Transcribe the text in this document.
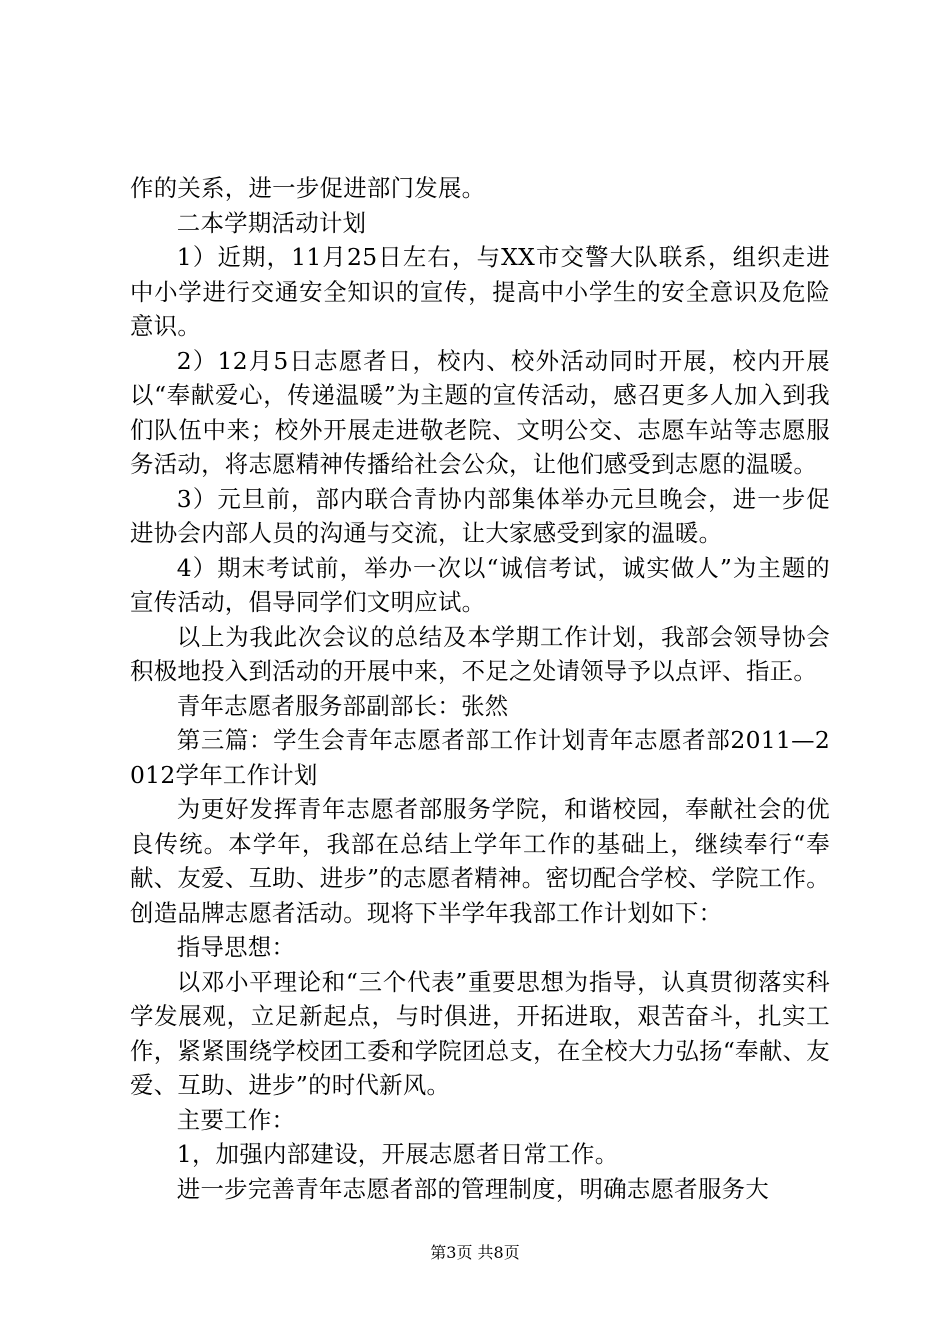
作的关系，进一步促进部门发展。

二本学期活动计划

1）近期，11月25日左右，与XX市交警大队联系，组织走进中小学进行交通安全知识的宣传，提高中小学生的安全意识及危险意识。

2）12月5日志愿者日，校内、校外活动同时开展，校内开展以“奉献爱心，传递温暖”为主题的宣传活动，感召更多人加入到我们队伍中来；校外开展走进敬老院、文明公交、志愿车站等志愿服务活动，将志愿精神传播给社会公众，让他们感受到志愿的温暖。

3）元旦前，部内联合青协内部集体举办元旦晚会，进一步促进协会内部人员的沟通与交流，让大家感受到家的温暖。

4）期末考试前，举办一次以“诚信考试，诚实做人”为主题的宣传活动，倡导同学们文明应试。

以上为我此次会议的总结及本学期工作计划，我部会领导协会积极地投入到活动的开展中来，不足之处请领导予以点评、指正。

青年志愿者服务部副部长：张然

第三篇：学生会青年志愿者部工作计划青年志愿者部2011—2012学年工作计划

为更好发挥青年志愿者部服务学院，和谐校园，奉献社会的优良传统。本学年，我部在总结上学年工作的基础上，继续奉行“奉献、友爱、互助、进步”的志愿者精神。密切配合学校、学院工作。创造品牌志愿者活动。现将下半学年我部工作计划如下：

指导思想：

以邓小平理论和“三个代表”重要思想为指导，认真贯彻落实科学发展观，立足新起点，与时俱进，开拓进取，艰苦奋斗，扎实工作，紧紧围绕学校团工委和学院团总支，在全校大力弘扬“奉献、友爱、互助、进步”的时代新风。

主要工作：

1，加强内部建设，开展志愿者日常工作。

进一步完善青年志愿者部的管理制度，明确志愿者服务大

第3页 共8页
